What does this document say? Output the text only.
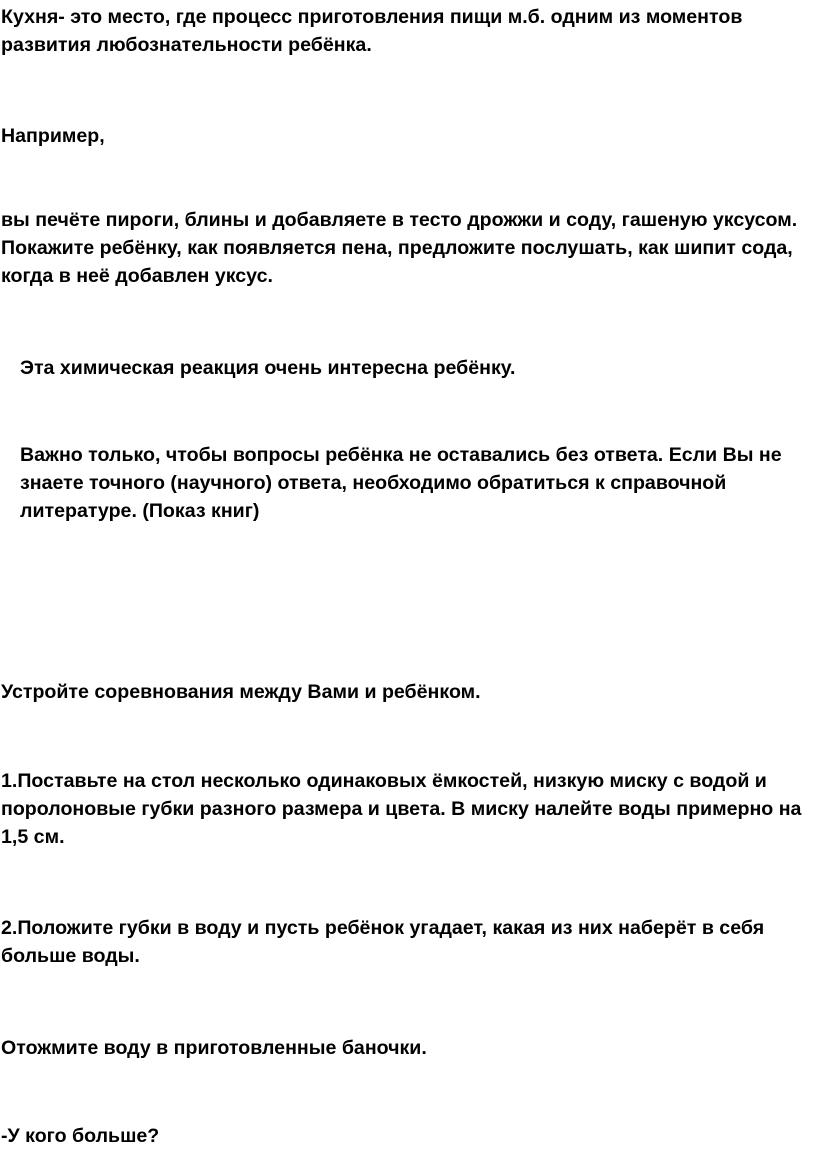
Кухня- это место, где процесс приготовления пищи м.б. одним из моментов развития любознательности ребёнка.

Например,

вы печёте пироги, блины и добавляете в тесто дрожжи и соду, гашеную уксусом. Покажите ребёнку, как появляется пена, предложите послушать, как шипит сода, когда в неё добавлен уксус.

Эта химическая реакция очень интересна ребёнку.

Важно только, чтобы вопросы ребёнка не оставались без ответа. Если Вы не знаете точного (научного) ответа, необходимо обратиться к справочной литературе. (Показ книг)

Устройте соревнования между Вами и ребёнком.

1.Поставьте на стол несколько одинаковых ёмкостей, низкую миску с водой и поролоновые губки разного размера и цвета. В миску налейте воды примерно на 1,5 см.

2.Положите губки в воду и пусть ребёнок угадает, какая из них наберёт в себя больше воды.

Отожмите воду в приготовленные баночки.

-У кого больше?
